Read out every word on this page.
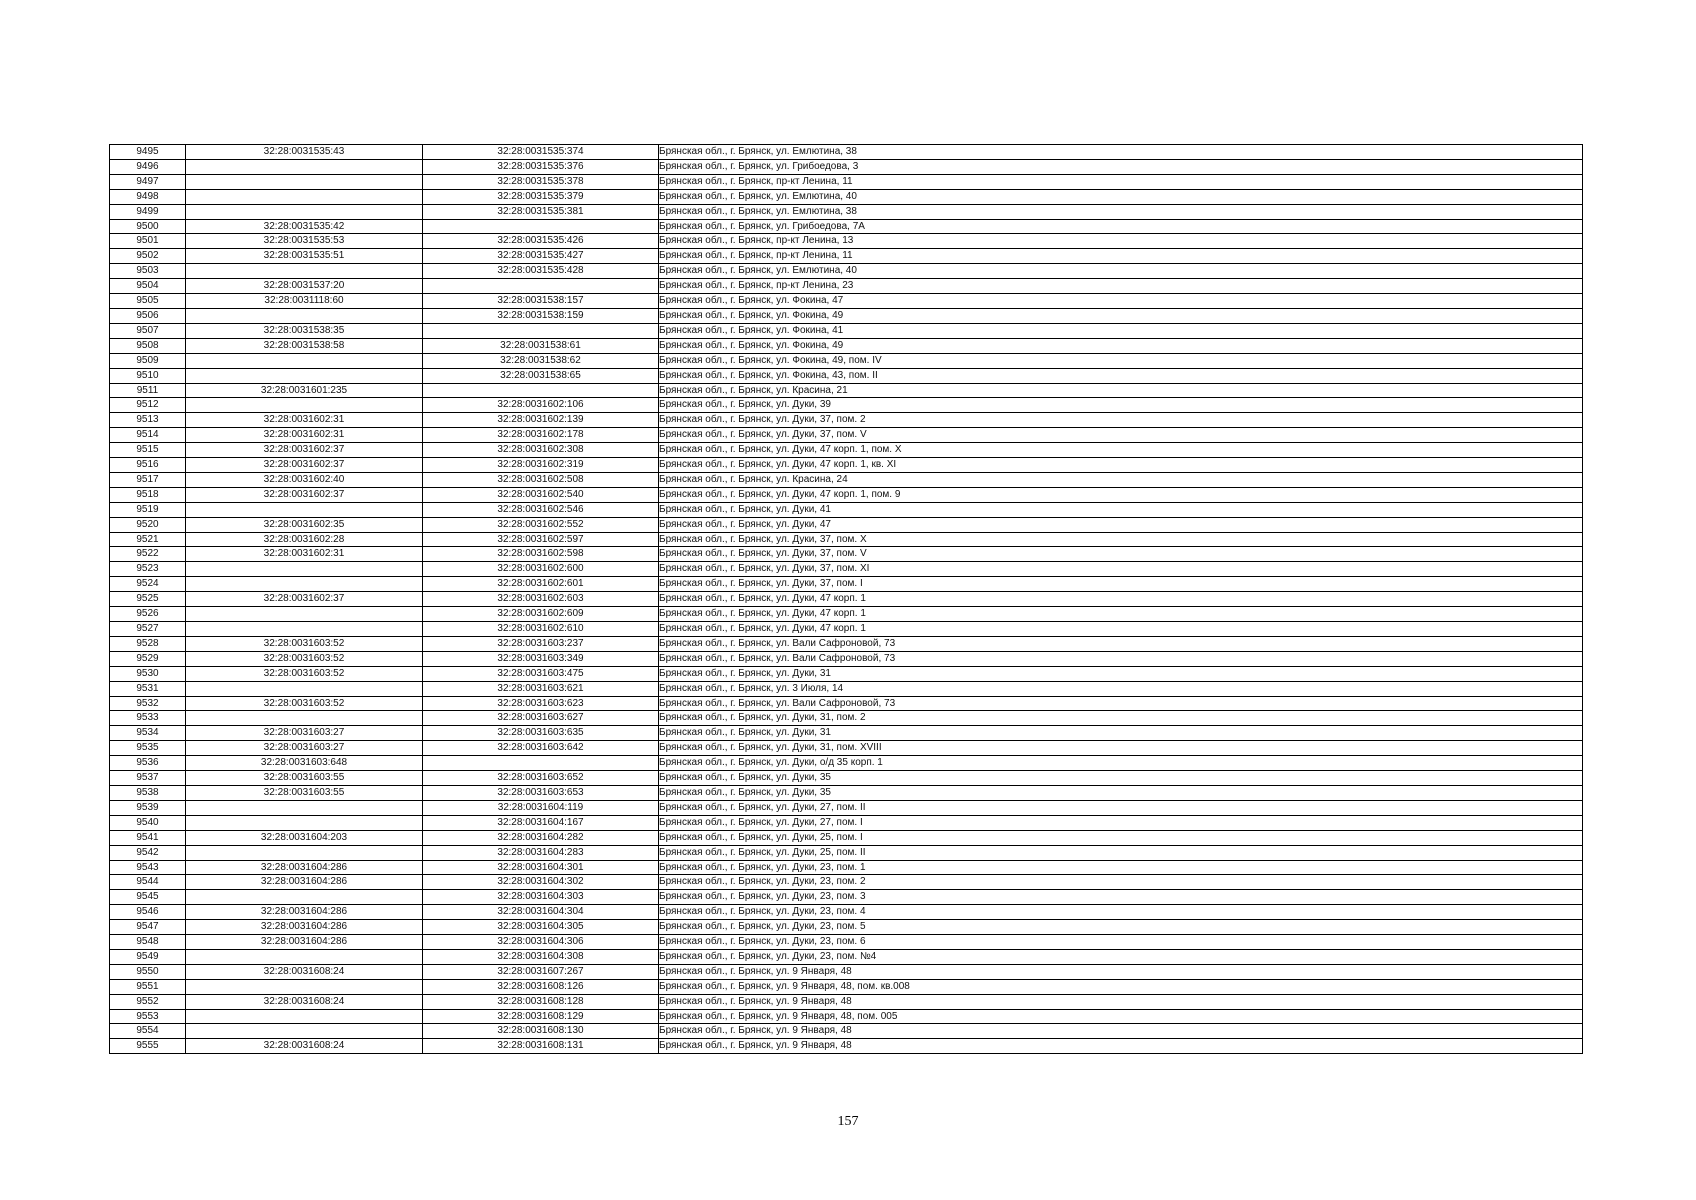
9495	32:28:0031535:43	32:28:0031535:374	Брянская обл., г. Брянск, ул. Емлютина, 38
9496		32:28:0031535:376	Брянская обл., г. Брянск, ул. Грибоедова, 3
9497		32:28:0031535:378	Брянская обл., г. Брянск, пр-кт Ленина, 11
9498		32:28:0031535:379	Брянская обл., г. Брянск, ул. Емлютина, 40
9499		32:28:0031535:381	Брянская обл., г. Брянск, ул. Емлютина, 38
9500	32:28:0031535:42		Брянская обл., г. Брянск, ул. Грибоедова, 7А
9501	32:28:0031535:53	32:28:0031535:426	Брянская обл., г. Брянск, пр-кт Ленина, 13
9502	32:28:0031535:51	32:28:0031535:427	Брянская обл., г. Брянск, пр-кт Ленина, 11
9503		32:28:0031535:428	Брянская обл., г. Брянск, ул. Емлютина, 40
9504	32:28:0031537:20		Брянская обл., г. Брянск, пр-кт Ленина, 23
9505	32:28:0031118:60	32:28:0031538:157	Брянская обл., г. Брянск, ул. Фокина, 47
9506		32:28:0031538:159	Брянская обл., г. Брянск, ул. Фокина, 49
9507	32:28:0031538:35		Брянская обл., г. Брянск, ул. Фокина, 41
9508	32:28:0031538:58	32:28:0031538:61	Брянская обл., г. Брянск, ул. Фокина, 49
9509		32:28:0031538:62	Брянская обл., г. Брянск, ул. Фокина, 49, пом. IV
9510		32:28:0031538:65	Брянская обл., г. Брянск, ул. Фокина, 43, пом. II
9511	32:28:0031601:235		Брянская обл., г. Брянск, ул. Красина, 21
9512		32:28:0031602:106	Брянская обл., г. Брянск, ул. Дуки, 39
9513	32:28:0031602:31	32:28:0031602:139	Брянская обл., г. Брянск, ул. Дуки, 37, пом. 2
9514	32:28:0031602:31	32:28:0031602:178	Брянская обл., г. Брянск, ул. Дуки, 37, пом. V
9515	32:28:0031602:37	32:28:0031602:308	Брянская обл., г. Брянск, ул. Дуки, 47 корп. 1, пом. X
9516	32:28:0031602:37	32:28:0031602:319	Брянская обл., г. Брянск, ул. Дуки, 47 корп. 1, кв. XI
9517	32:28:0031602:40	32:28:0031602:508	Брянская обл., г. Брянск, ул. Красина, 24
9518	32:28:0031602:37	32:28:0031602:540	Брянская обл., г. Брянск, ул. Дуки, 47 корп. 1, пом. 9
9519		32:28:0031602:546	Брянская обл., г. Брянск, ул. Дуки, 41
9520	32:28:0031602:35	32:28:0031602:552	Брянская обл., г. Брянск, ул. Дуки, 47
9521	32:28:0031602:28	32:28:0031602:597	Брянская обл., г. Брянск, ул. Дуки, 37, пом. X
9522	32:28:0031602:31	32:28:0031602:598	Брянская обл., г. Брянск, ул. Дуки, 37, пом. V
9523		32:28:0031602:600	Брянская обл., г. Брянск, ул. Дуки, 37, пом. XI
9524		32:28:0031602:601	Брянская обл., г. Брянск, ул. Дуки, 37, пом. I
9525	32:28:0031602:37	32:28:0031602:603	Брянская обл., г. Брянск, ул. Дуки, 47 корп. 1
9526		32:28:0031602:609	Брянская обл., г. Брянск, ул. Дуки, 47 корп. 1
9527		32:28:0031602:610	Брянская обл., г. Брянск, ул. Дуки, 47 корп. 1
9528	32:28:0031603:52	32:28:0031603:237	Брянская обл., г. Брянск, ул. Вали Сафроновой, 73
9529	32:28:0031603:52	32:28:0031603:349	Брянская обл., г. Брянск, ул. Вали Сафроновой, 73
9530	32:28:0031603:52	32:28:0031603:475	Брянская обл., г. Брянск, ул. Дуки, 31
9531		32:28:0031603:621	Брянская обл., г. Брянск, ул. 3 Июля, 14
9532	32:28:0031603:52	32:28:0031603:623	Брянская обл., г. Брянск, ул. Вали Сафроновой, 73
9533		32:28:0031603:627	Брянская обл., г. Брянск, ул. Дуки, 31, пом. 2
9534	32:28:0031603:27	32:28:0031603:635	Брянская обл., г. Брянск, ул. Дуки, 31
9535	32:28:0031603:27	32:28:0031603:642	Брянская обл., г. Брянск, ул. Дуки, 31, пом. XVIII
9536	32:28:0031603:648		Брянская обл., г. Брянск, ул. Дуки, о/д 35 корп. 1
9537	32:28:0031603:55	32:28:0031603:652	Брянская обл., г. Брянск, ул. Дуки, 35
9538	32:28:0031603:55	32:28:0031603:653	Брянская обл., г. Брянск, ул. Дуки, 35
9539		32:28:0031604:119	Брянская обл., г. Брянск, ул. Дуки, 27, пом. II
9540		32:28:0031604:167	Брянская обл., г. Брянск, ул. Дуки, 27, пом. I
9541	32:28:0031604:203	32:28:0031604:282	Брянская обл., г. Брянск, ул. Дуки, 25, пом. I
9542		32:28:0031604:283	Брянская обл., г. Брянск, ул. Дуки, 25, пом. II
9543	32:28:0031604:286	32:28:0031604:301	Брянская обл., г. Брянск, ул. Дуки, 23, пом. 1
9544	32:28:0031604:286	32:28:0031604:302	Брянская обл., г. Брянск, ул. Дуки, 23, пом. 2
9545		32:28:0031604:303	Брянская обл., г. Брянск, ул. Дуки, 23, пом. 3
9546	32:28:0031604:286	32:28:0031604:304	Брянская обл., г. Брянск, ул. Дуки, 23, пом. 4
9547	32:28:0031604:286	32:28:0031604:305	Брянская обл., г. Брянск, ул. Дуки, 23, пом. 5
9548	32:28:0031604:286	32:28:0031604:306	Брянская обл., г. Брянск, ул. Дуки, 23, пом. 6
9549		32:28:0031604:308	Брянская обл., г. Брянск, ул. Дуки, 23, пом. №4
9550	32:28:0031608:24	32:28:0031607:267	Брянская обл., г. Брянск, ул. 9 Января, 48
9551		32:28:0031608:126	Брянская обл., г. Брянск, ул. 9 Января, 48, пом. кв.008
9552	32:28:0031608:24	32:28:0031608:128	Брянская обл., г. Брянск, ул. 9 Января, 48
9553		32:28:0031608:129	Брянская обл., г. Брянск, ул. 9 Января, 48, пом. 005
9554		32:28:0031608:130	Брянская обл., г. Брянск, ул. 9 Января, 48
9555	32:28:0031608:24	32:28:0031608:131	Брянская обл., г. Брянск, ул. 9 Января, 48
157
